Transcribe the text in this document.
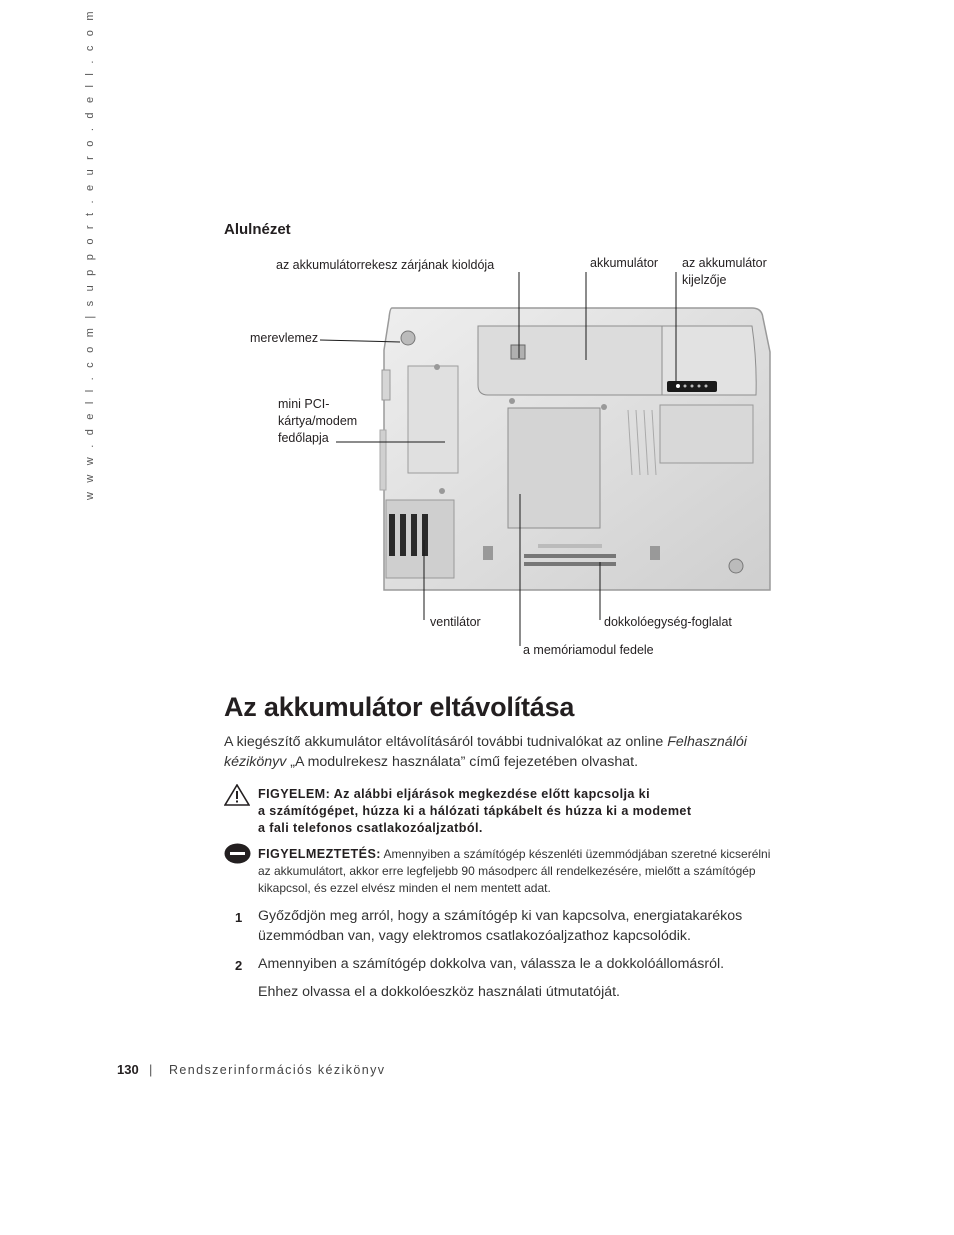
w w w . d e l l . c o m | s u p p o r t . e u r o . d e l l . c o m	Alulnézet
az akkumulátorrekesz zárjának kioldója	akkumulátor az akkumulátor
kijelzője
merevlemez
mini PCI-
kártya/modem
fedőlapja
ventilátor	dokkolóegység-foglalat
a memóriamodul fedele
Az akkumulátor eltávolítása
A kiegészítő akkumulátor eltávolításáról további tudnivalókat az online Felhasználói
kézikönyv „A modulrekesz használata” című fejezetében olvashat.
FIGYELEM: Az alábbi eljárások megkezdése előtt kapcsolja ki
a számítógépet, húzza ki a hálózati tápkábelt és húzza ki a modemet
a fali telefonos csatlakozóaljzatból.
FIGYELMEZTETÉS: Amennyiben a számítógép készenléti üzemmódjában szeretné kicserélni
az akkumulátort, akkor erre legfeljebb 90 másodperc áll rendelkezésére, mielőtt a számítógép
kikapcsol, és ezzel elvész minden el nem mentett adat.
1 Győződjön meg arról, hogy a számítógép ki van kapcsolva, energiatakarékos
üzemmódban van, vagy elektromos csatlakozóaljzathoz kapcsolódik.
2 Amennyiben a számítógép dokkolva van, válassza le a dokkolóállomásról.
Ehhez olvassa el a dokkolóeszköz használati útmutatóját.
130 | Rendszerinformációs kézikönyv
